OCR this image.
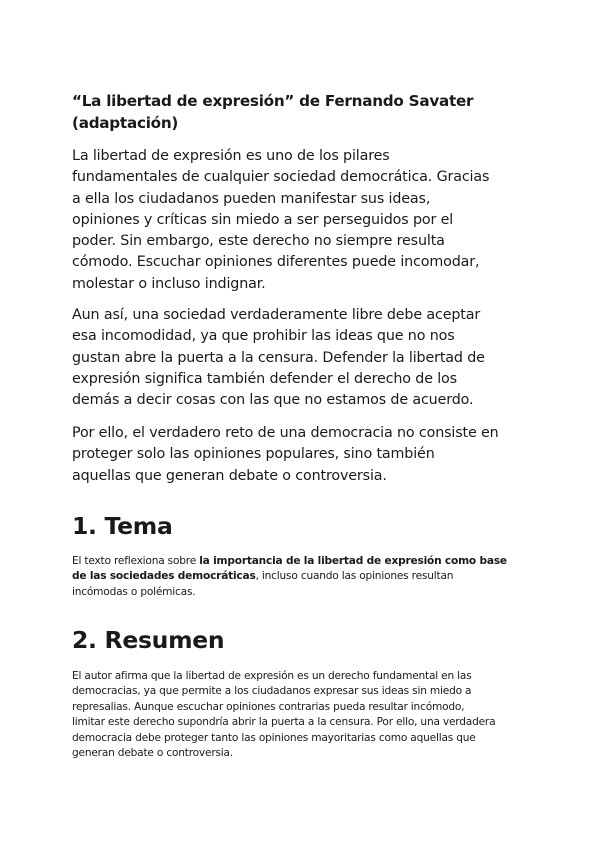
“La libertad de expresión” de Fernando Savater
(adaptación)

La libertad de expresión es uno de los pilares
fundamentales de cualquier sociedad democrática. Gracias
a ella los ciudadanos pueden manifestar sus ideas,
opiniones y críticas sin miedo a ser perseguidos por el
poder. Sin embargo, este derecho no siempre resulta
cómodo. Escuchar opiniones diferentes puede incomodar,
molestar o incluso indignar.

Aun así, una sociedad verdaderamente libre debe aceptar
esa incomodidad, ya que prohibir las ideas que no nos
gustan abre la puerta a la censura. Defender la libertad de
expresión significa también defender el derecho de los
demás a decir cosas con las que no estamos de acuerdo.

Por ello, el verdadero reto de una democracia no consiste en
proteger solo las opiniones populares, sino también
aquellas que generan debate o controversia.

1. Tema

El texto reflexiona sobre la importancia de la libertad de expresión como base
de las sociedades democráticas, incluso cuando las opiniones resultan
incómodas o polémicas.

2. Resumen

El autor afirma que la libertad de expresión es un derecho fundamental en las
democracias, ya que permite a los ciudadanos expresar sus ideas sin miedo a
represalias. Aunque escuchar opiniones contrarias pueda resultar incómodo,
limitar este derecho supondría abrir la puerta a la censura. Por ello, una verdadera
democracia debe proteger tanto las opiniones mayoritarias como aquellas que
generan debate o controversia.
